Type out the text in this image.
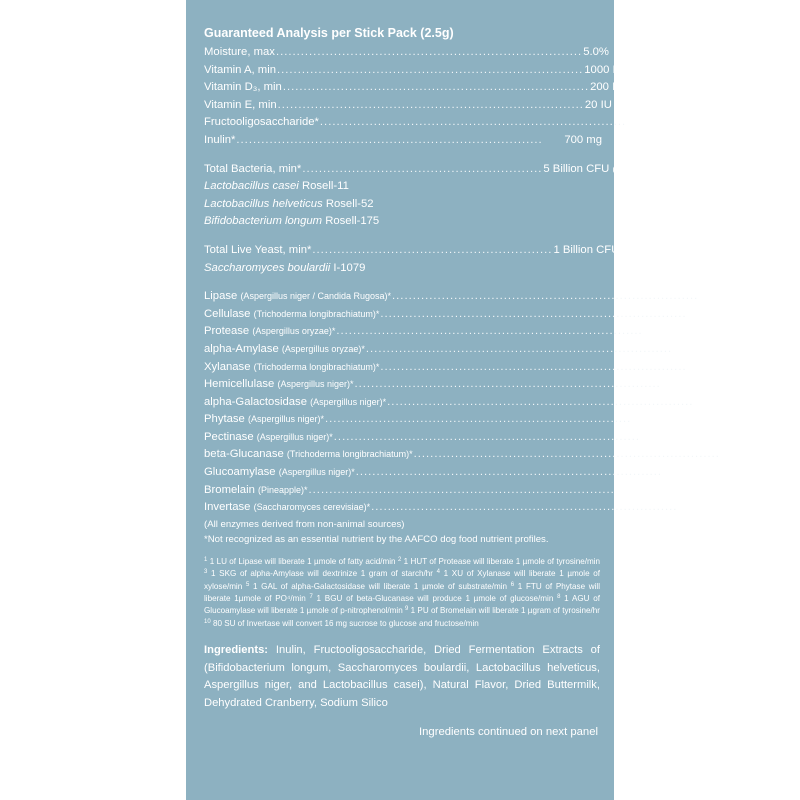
Guaranteed Analysis per Stick Pack (2.5g)
Moisture, max .......................................................................... 5.0%
Vitamin A, min .......................................................................... 1000 IU
Vitamin D₃, min .......................................................................... 200 IU
Vitamin E, min .......................................................................... 20 IU
Fructooligosaccharide* .......................................................................... 650 mg
Inulin* ..........................................................................	700 mg
Total Bacteria, min* .......................................................... 5 Billion CFU (Colony Forming Units)
Lactobacillus casei Rosell-11
Lactobacillus helveticus Rosell-52
Bifidobacterium longum Rosell-175
Total Live Yeast, min* .......................................................... 1 Billion CFU (Colony Forming Units)
Saccharomyces boulardii I-1079
Lipase (Aspergillus niger / Candida Rugosa)* .......................................................................... 700 $LU^1$
Cellulase (Trichoderma longibrachiatum)* .......................................................................... 300 CU
Protease (Aspergillus oryzae)* .......................................................................... 1500 HUT$^2$
alpha-Amylase (Aspergillus oryzae)* .......................................................................... 3000 SKG$^3$
Xylanase (Trichoderma longibrachiatum)* .......................................................................... 300 $XU^4$
Hemicellulase (Aspergillus niger)* .......................................................................... 130 HCU
alpha-Galactosidase (Aspergillus niger)* .......................................................................... 45 GAL$^5$
Phytase (Aspergillus niger)* .......................................................................... 1 FTU$^6$
Pectinase (Aspergillus niger)* .......................................................................... 4.5 ENDO-PG/g
beta-Glucanase (Trichoderma longibrachiatum)* .......................................................................... 9 BGU$^7$
Glucoamylase (Aspergillus niger)* .......................................................................... 7.5 AGU$^8$
Bromelain (Pineapple)* .......................................................................... 24 $PU^9$
Invertase (Saccharomyces cerevisiae)* .......................................................................... 80 SU$^{10}$
(All enzymes derived from non-animal sources)
*Not recognized as an essential nutrient by the AAFCO dog food nutrient profiles.
$^1$ 1 LU of Lipase will liberate 1 µmole of fatty acid/min $^2$ 1 HUT of Protease will liberate 1 µmole of tyrosine/min $^3$ 1 SKG of alpha-Amylase will dextrinize 1 gram of starch/hr $^4$ 1 XU of Xylanase will liberate 1 µmole of xylose/min $^5$ 1 GAL of alpha-Galactosidase will liberate 1 µmole of substrate/min $^6$ 1 FTU of Phytase will liberate 1µmole of PO⁴/min $^7$ 1 BGU of beta-Glucanase will produce 1 µmole of glucose/min $^8$ 1 AGU of Glucoamylase will liberate 1 µmole of p-nitrophenol/min $^9$ 1 PU of Bromelain will liberate 1 µgram of tyrosine/hr $^{10}$ 80 SU of Invertase will convert 16 mg sucrose to glucose and fructose/min
Ingredients: Inulin, Fructooligosaccharide, Dried Fermentation Extracts of (Bifidobacterium longum, Saccharomyces boulardii, Lactobacillus helveticus, Aspergillus niger, and Lactobacillus casei), Natural Flavor, Dried Buttermilk, Dehydrated Cranberry, Sodium Silico
Ingredients continued on next panel
